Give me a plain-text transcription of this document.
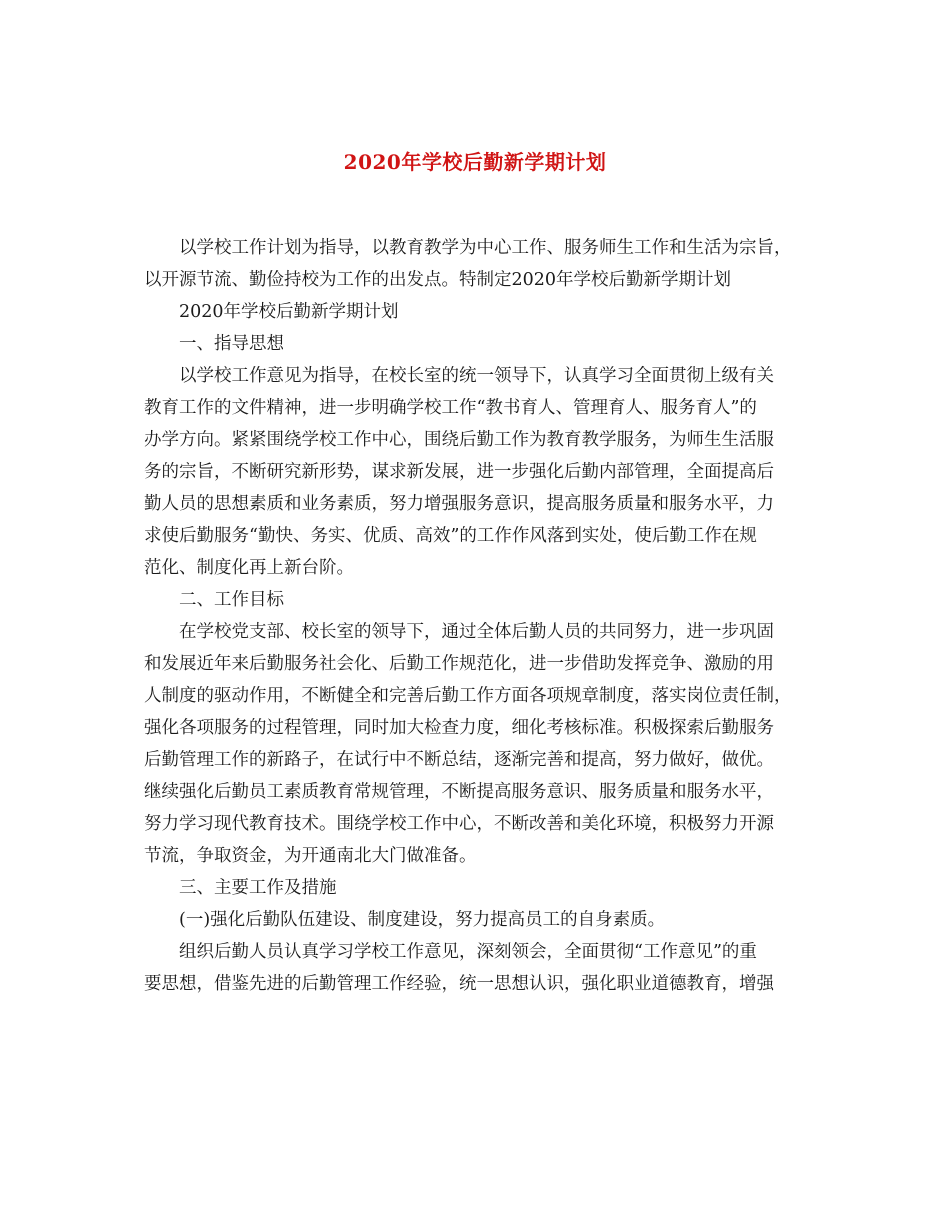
2020年学校后勤新学期计划

以学校工作计划为指导，以教育教学为中心工作、服务师生工作和生活为宗旨，

以开源节流、勤俭持校为工作的出发点。特制定2020年学校后勤新学期计划

2020年学校后勤新学期计划

一、指导思想

以学校工作意见为指导，在校长室的统一领导下，认真学习全面贯彻上级有关

教育工作的文件精神，进一步明确学校工作“教书育人、管理育人、服务育人”的

办学方向。紧紧围绕学校工作中心，围绕后勤工作为教育教学服务，为师生生活服

务的宗旨，不断研究新形势，谋求新发展，进一步强化后勤内部管理，全面提高后

勤人员的思想素质和业务素质，努力增强服务意识，提高服务质量和服务水平，力

求使后勤服务“勤快、务实、优质、高效”的工作作风落到实处，使后勤工作在规

范化、制度化再上新台阶。

二、工作目标

在学校党支部、校长室的领导下，通过全体后勤人员的共同努力，进一步巩固

和发展近年来后勤服务社会化、后勤工作规范化，进一步借助发挥竞争、激励的用

人制度的驱动作用，不断健全和完善后勤工作方面各项规章制度，落实岗位责任制，

强化各项服务的过程管理，同时加大检查力度，细化考核标准。积极探索后勤服务

后勤管理工作的新路子，在试行中不断总结，逐渐完善和提高，努力做好，做优。

继续强化后勤员工素质教育常规管理，不断提高服务意识、服务质量和服务水平，

努力学习现代教育技术。围绕学校工作中心，不断改善和美化环境，积极努力开源

节流，争取资金，为开通南北大门做准备。

三、主要工作及措施

(一)强化后勤队伍建设、制度建设，努力提高员工的自身素质。

组织后勤人员认真学习学校工作意见，深刻领会，全面贯彻“工作意见”的重

要思想，借鉴先进的后勤管理工作经验，统一思想认识，强化职业道德教育，增强
